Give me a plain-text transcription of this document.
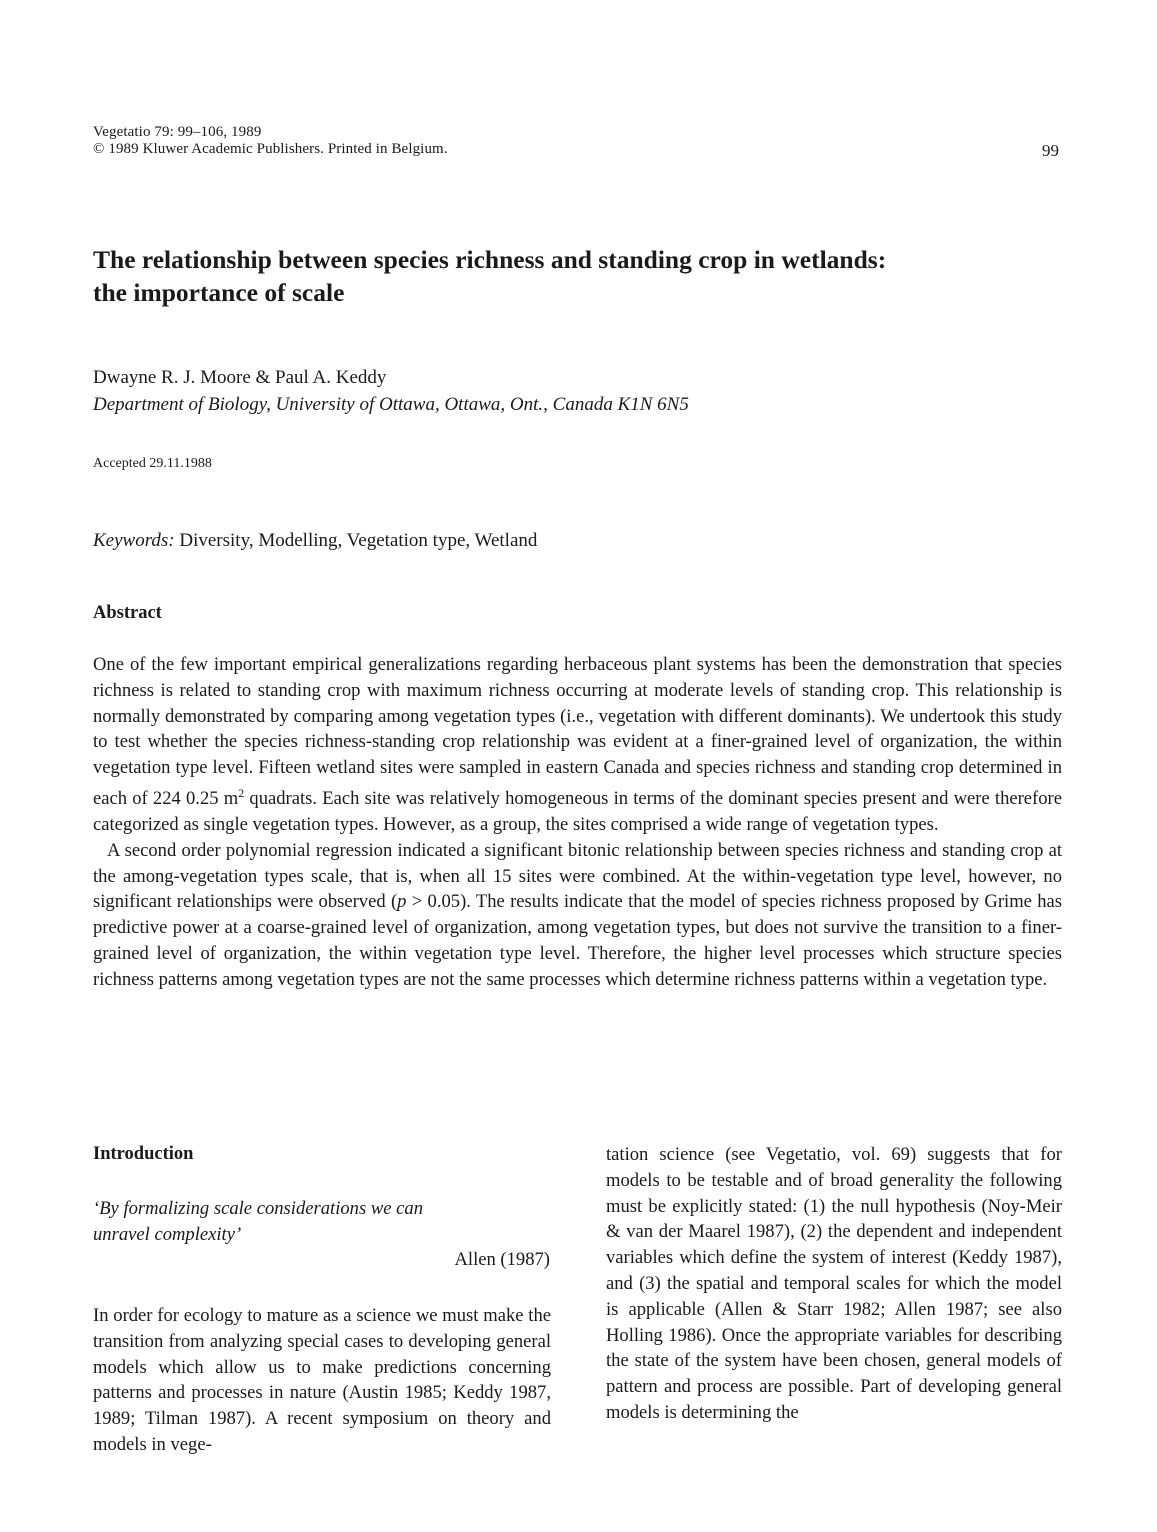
Vegetatio 79: 99–106, 1989
© 1989 Kluwer Academic Publishers. Printed in Belgium.	99
The relationship between species richness and standing crop in wetlands:
the importance of scale
Dwayne R. J. Moore & Paul A. Keddy
Department of Biology, University of Ottawa, Ottawa, Ont., Canada K1N 6N5
Accepted 29.11.1988
Keywords: Diversity, Modelling, Vegetation type, Wetland
Abstract

One of the few important empirical generalizations regarding herbaceous plant systems has been the demonstration that species richness is related to standing crop with maximum richness occurring at moderate levels of standing crop. This relationship is normally demonstrated by comparing among vegetation types (i.e., vegetation with different dominants). We undertook this study to test whether the species richness-standing crop relationship was evident at a finer-grained level of organization, the within vegetation type level. Fifteen wetland sites were sampled in eastern Canada and species richness and standing crop determined in each of 224 0.25 $m^2$ quadrats. Each site was relatively homogeneous in terms of the dominant species present and were therefore categorized as single vegetation types. However, as a group, the sites comprised a wide range of vegetation types.

A second order polynomial regression indicated a significant bitonic relationship between species richness and standing crop at the among-vegetation types scale, that is, when all 15 sites were combined. At the within-vegetation type level, however, no significant relationships were observed (p > 0.05). The results indicate that the model of species richness proposed by Grime has predictive power at a coarse-grained level of organization, among vegetation types, but does not survive the transition to a finer-grained level of organization, the within vegetation type level. Therefore, the higher level processes which structure species richness patterns among vegetation types are not the same processes which determine richness patterns within a vegetation type.

Introduction
‘By formalizing scale considerations we can
unravel complexity’
Allen (1987)

In order for ecology to mature as a science we must make the transition from analyzing special cases to developing general models which allow us to make predictions concerning patterns and processes in nature (Austin 1985; Keddy 1987, 1989; Tilman 1987). A recent symposium on theory and models in vege-

tation science (see Vegetatio, vol. 69) suggests that for models to be testable and of broad generality the following must be explicitly stated: (1) the null hypothesis (Noy-Meir & van der Maarel 1987), (2) the dependent and independent variables which define the system of interest (Keddy 1987), and (3) the spatial and temporal scales for which the model is applicable (Allen & Starr 1982; Allen 1987; see also Holling 1986). Once the appropriate variables for describing the state of the system have been chosen, general models of pattern and process are possible. Part of developing general models is determining the
